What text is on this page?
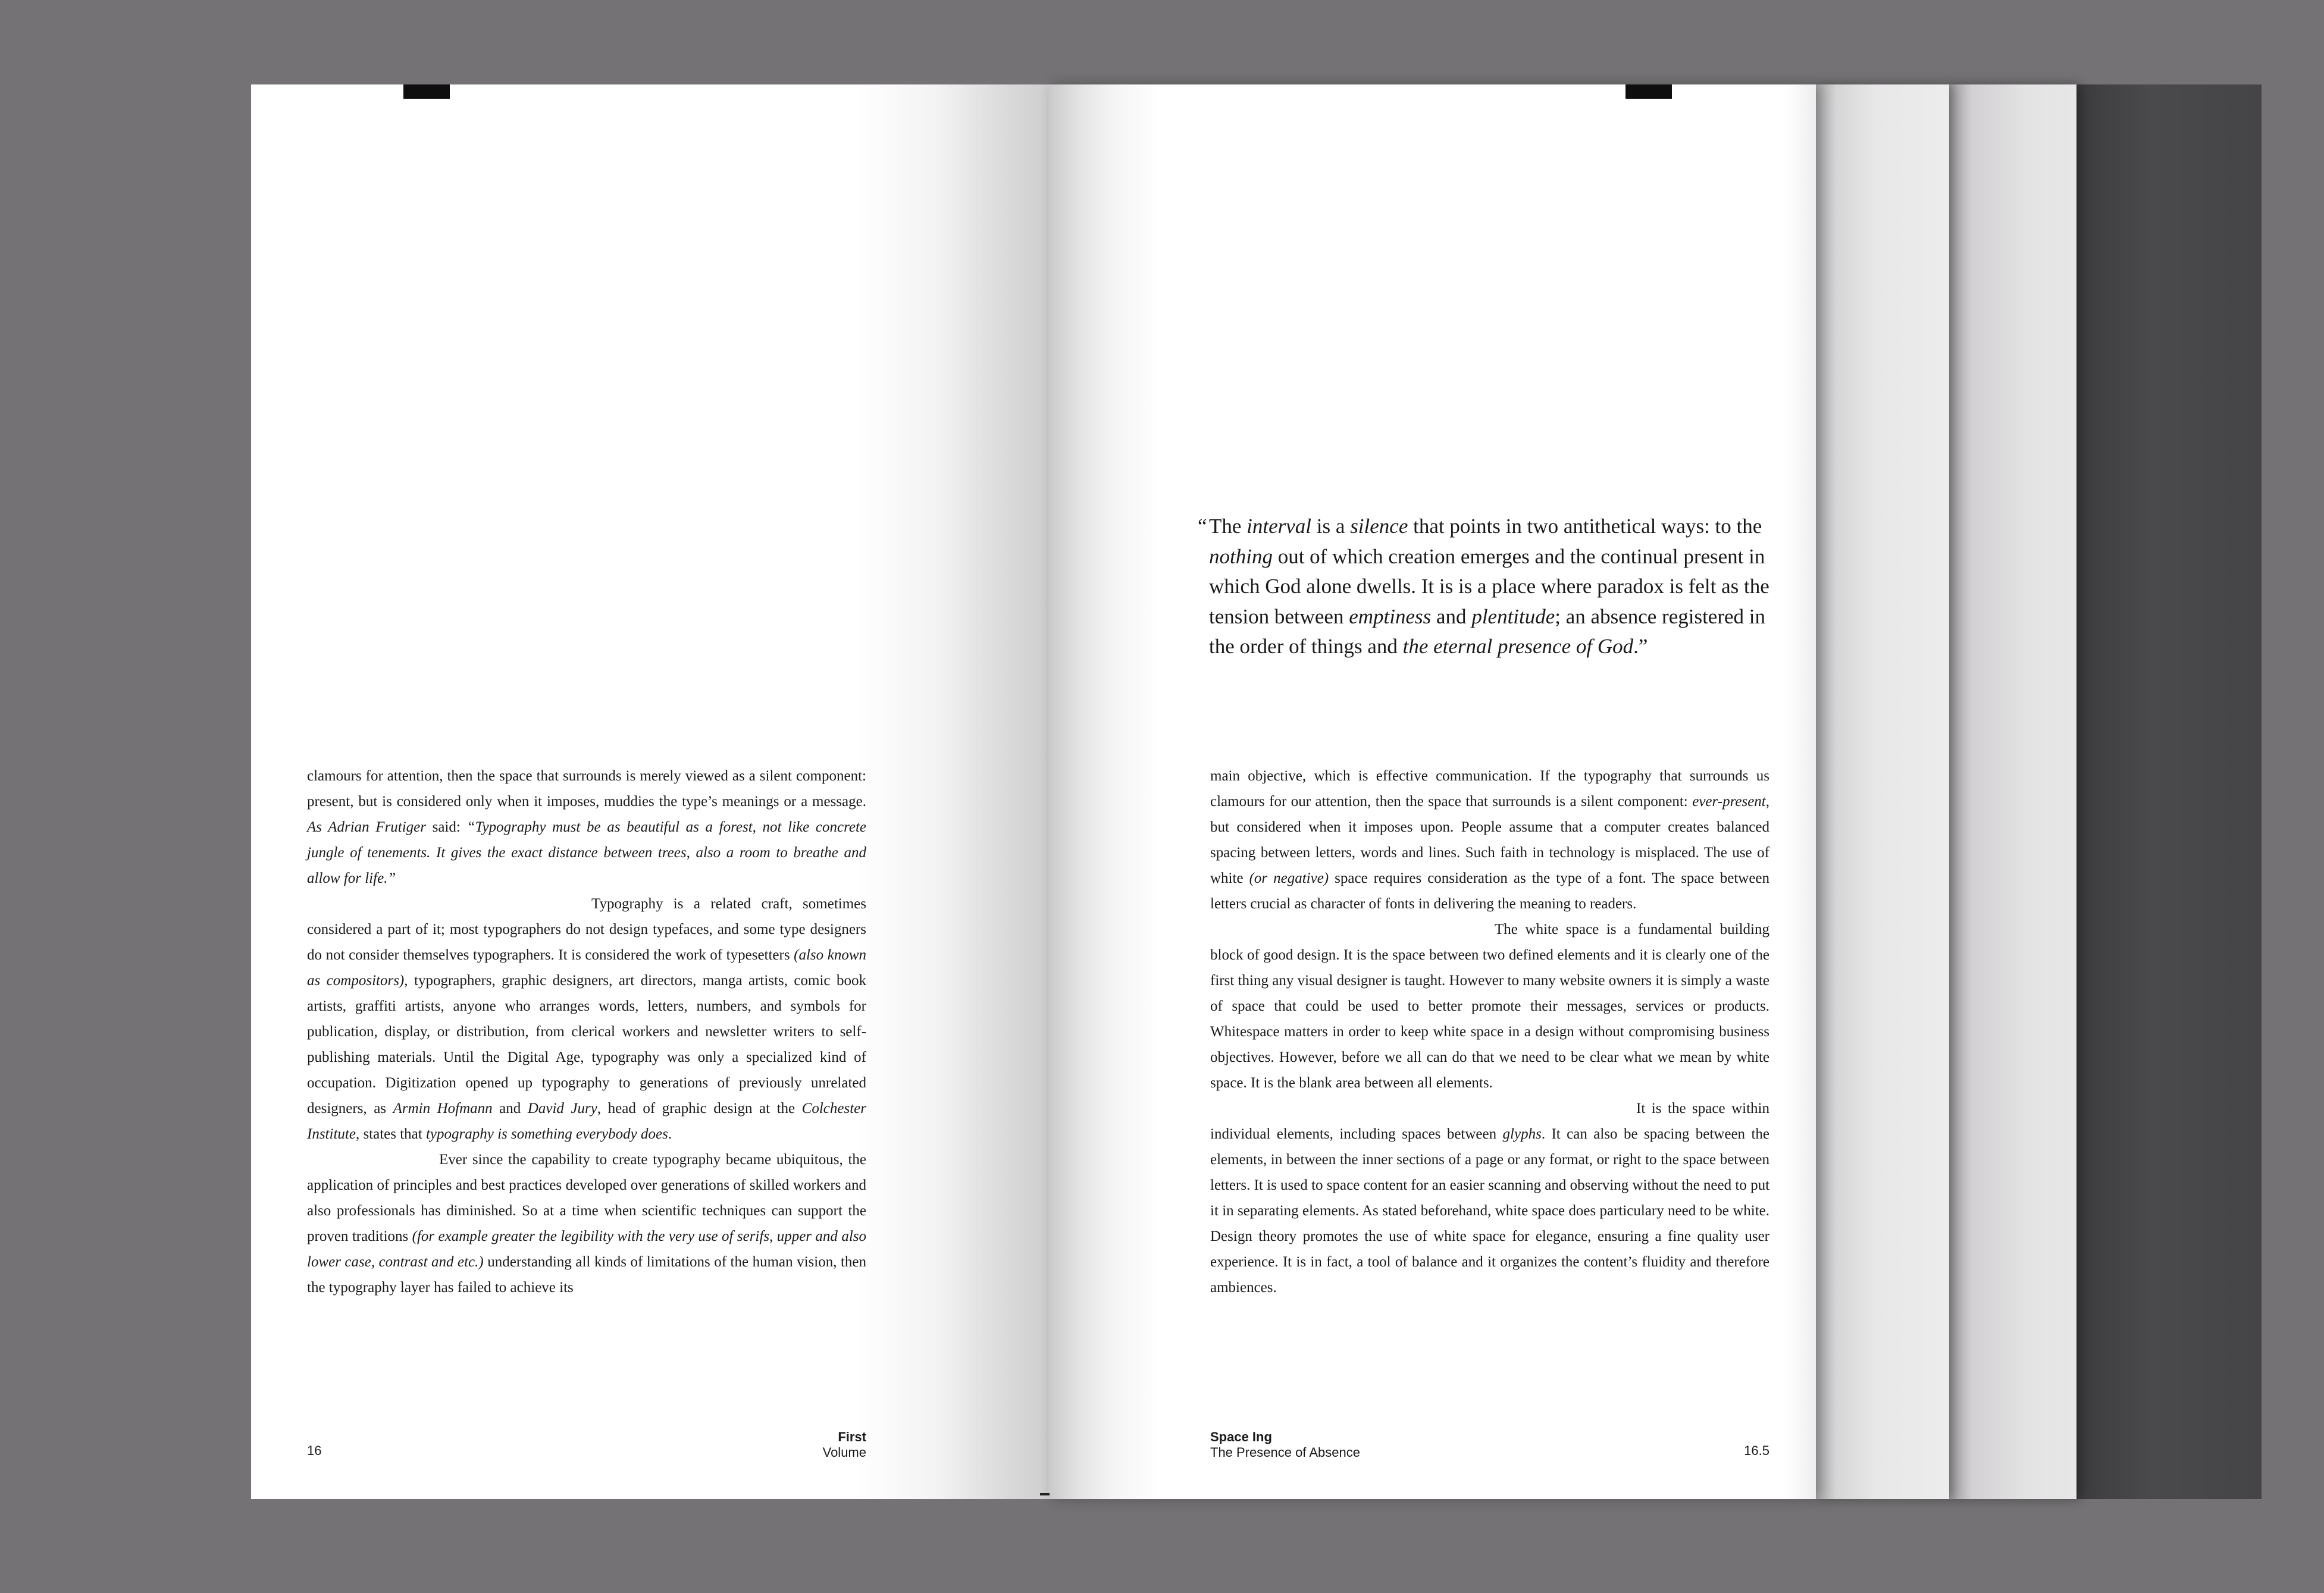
clamours for attention, then the space that surrounds is merely viewed as a silent component: present, but is considered only when it imposes, muddies the type’s meanings or a message. As Adrian Frutiger said: “Typography must be as beautiful as a forest, not like concrete jungle of tenements. It gives the exact distance between trees, also a room to breathe and allow for life.”

Typography is a related craft, sometimes considered a part of it; most typographers do not design typefaces, and some type designers do not consider themselves typographers. It is considered the work of typesetters (also known as compositors), typographers, graphic designers, art directors, manga artists, comic book artists, graffiti artists, anyone who arranges words, letters, numbers, and symbols for publication, display, or distribution, from clerical workers and newsletter writers to self-publishing materials. Until the Digital Age, typography was only a specialized kind of occupation. Digitization opened up typography to generations of previously unrelated designers, as Armin Hofmann and David Jury, head of graphic design at the Colchester Institute, states that typography is something everybody does.

Ever since the capability to create typography became ubiquitous, the application of principles and best practices developed over generations of skilled workers and also professionals has diminished. So at a time when scientific techniques can support the proven traditions (for example greater the legibility with the very use of serifs, upper and also lower case, contrast and etc.) understanding all kinds of limitations of the human vision, then the typography layer has failed to achieve its

16
First
Volume
“ The interval is a silence that points in two antithetical ways: to the nothing out of which creation emerges and the continual present in which God alone dwells. It is is a place where paradox is felt as the tension between emptiness and plentitude; an absence registered in the order of things and the eternal presence of God.”

main objective, which is effective communication. If the typography that surrounds us clamours for our attention, then the space that surrounds is a silent component: ever-present, but considered when it imposes upon. People assume that a computer creates balanced spacing between letters, words and lines. Such faith in technology is misplaced. The use of white (or negative) space requires consideration as the type of a font. The space between letters crucial as character of fonts in delivering the meaning to readers.

The white space is a fundamental building block of good design. It is the space between two defined elements and it is clearly one of the first thing any visual designer is taught. However to many website owners it is simply a waste of space that could be used to better promote their messages, services or products. Whitespace matters in order to keep white space in a design without compromising business objectives. However, before we all can do that we need to be clear what we mean by white space. It is the blank area between all elements.

It is the space within individual elements, including spaces between glyphs. It can also be spacing between the elements, in between the inner sections of a page or any format, or right to the space between letters. It is used to space content for an easier scanning and observing without the need to put it in separating elements. As stated beforehand, white space does particulary need to be white. Design theory promotes the use of white space for elegance, ensuring a fine quality user experience. It is in fact, a tool of balance and it organizes the content’s fluidity and therefore ambiences.

Space Ing
The Presence of Absence	16.5
